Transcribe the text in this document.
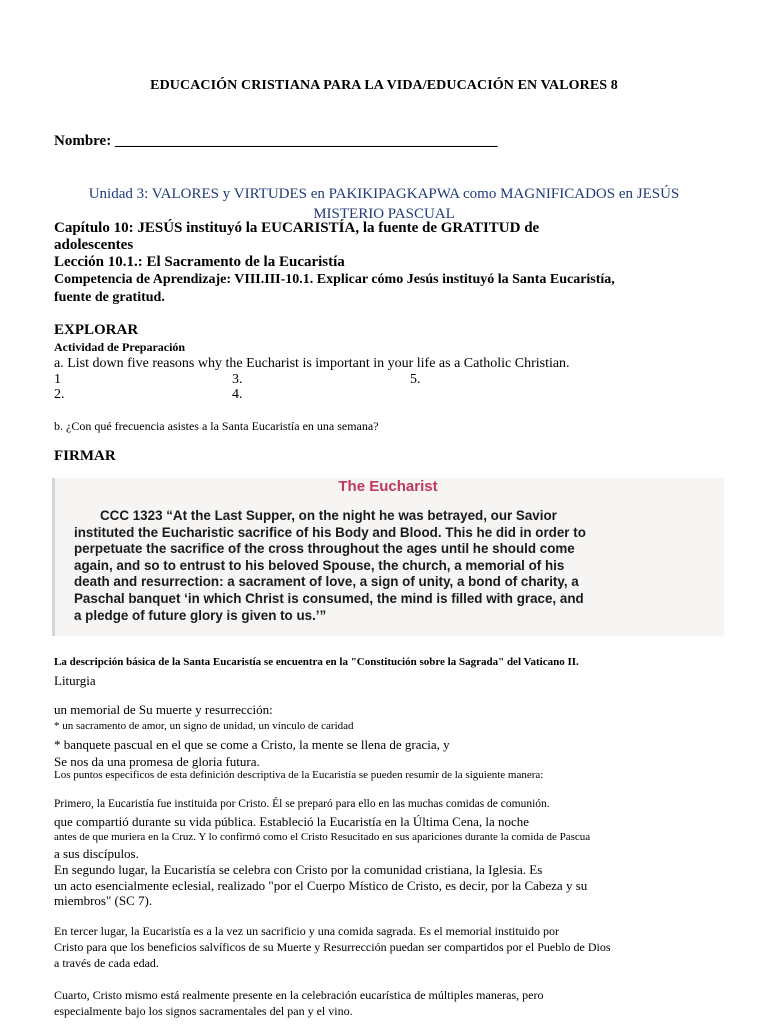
EDUCACIÓN CRISTIANA PARA LA VIDA/EDUCACIÓN EN VALORES 8
Nombre: ___________________________________________________
Unidad 3: VALORES y VIRTUDES en PAKIKIPAGKAPWA como MAGNIFICADOS en JESÚS
MISTERIO PASCUAL
Capítulo 10: JESÚS instituyó la EUCARISTÍA, la fuente de GRATITUD de
adolescentes
Lección 10.1.: El Sacramento de la Eucaristía
Competencia de Aprendizaje: VIII.III-10.1. Explicar cómo Jesús instituyó la Santa Eucaristía,
fuente de gratitud.
EXPLORAR
Actividad de Preparación
a. List down five reasons why the Eucharist is important in your life as a Catholic Christian.
1
2.
3.
4.
5.
b. ¿Con qué frecuencia asistes a la Santa Eucaristía en una semana?
FIRMAR
The Eucharist
CCC 1323 “At the Last Supper, on the night he was betrayed, our Savior
instituted the Eucharistic sacrifice of his Body and Blood. This he did in order to
perpetuate the sacrifice of the cross throughout the ages until he should come
again, and so to entrust to his beloved Spouse, the church, a memorial of his
death and resurrection: a sacrament of love, a sign of unity, a bond of charity, a
Paschal banquet ‘in which Christ is consumed, the mind is filled with grace, and
a pledge of future glory is given to us.’”
La descripción básica de la Santa Eucaristía se encuentra en la "Constitución sobre la Sagrada" del Vaticano II.
Liturgia
un memorial de Su muerte y resurrección:
* un sacramento de amor, un signo de unidad, un vínculo de caridad
* banquete pascual en el que se come a Cristo, la mente se llena de gracia, y
Se nos da una promesa de gloria futura.
Los puntos específicos de esta definición descriptiva de la Eucaristía se pueden resumir de la siguiente manera:
Primero, la Eucaristía fue instituida por Cristo. Él se preparó para ello en las muchas comidas de comunión.
que compartió durante su vida pública. Estableció la Eucaristía en la Última Cena, la noche
antes de que muriera en la Cruz. Y lo confirmó como el Cristo Resucitado en sus apariciones durante la comida de Pascua
a sus discípulos.
En segundo lugar, la Eucaristía se celebra con Cristo por la comunidad cristiana, la Iglesia. Es
un acto esencialmente eclesial, realizado "por el Cuerpo Místico de Cristo, es decir, por la Cabeza y su
miembros" (SC 7).
En tercer lugar, la Eucaristía es a la vez un sacrificio y una comida sagrada. Es el memorial instituido por
Cristo para que los beneficios salvíficos de su Muerte y Resurrección puedan ser compartidos por el Pueblo de Dios
a través de cada edad.
Cuarto, Cristo mismo está realmente presente en la celebración eucarística de múltiples maneras, pero
especialmente bajo los signos sacramentales del pan y el vino.
